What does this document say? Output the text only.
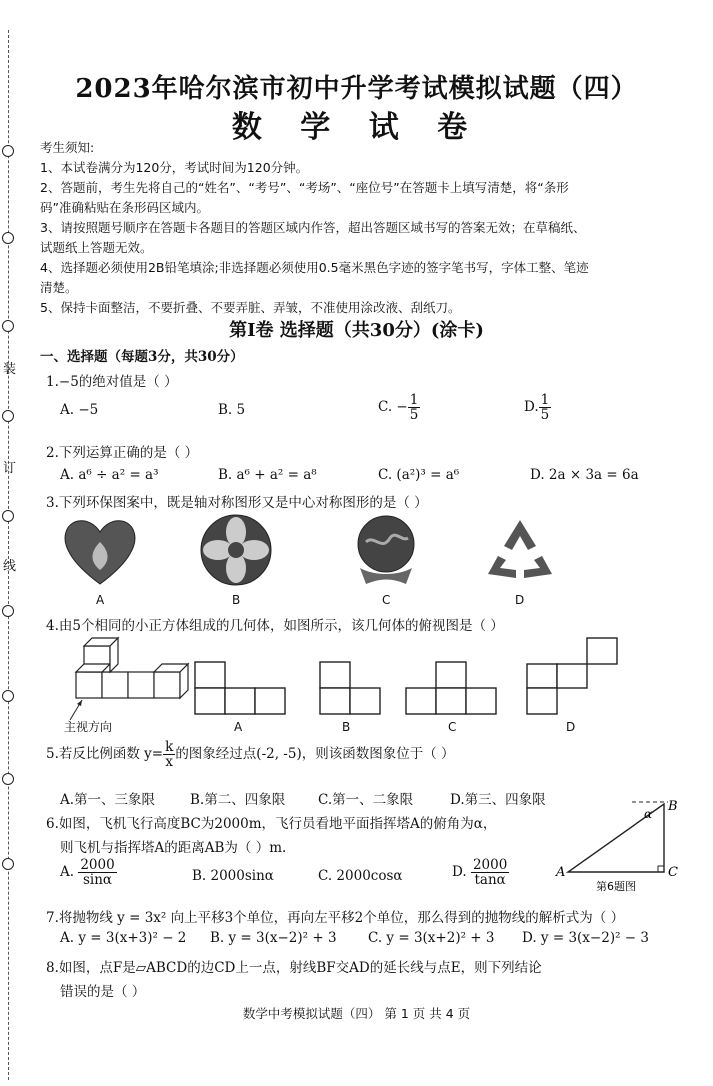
装
订
线
2023年哈尔滨市初中升学考试模拟试题（四）
数 学 试 卷
考生须知:
1、本试卷满分为120分，考试时间为120分钟。
2、答题前，考生先将自己的“姓名”、“考号”、“考场”、“座位号”在答题卡上填写清楚，将“条形
码”准确粘贴在条形码区域内。
3、请按照题号顺序在答题卡各题目的答题区域内作答，超出答题区域书写的答案无效；在草稿纸、
试题纸上答题无效。
4、选择题必须使用2B铅笔填涂;非选择题必须使用0.5毫米黑色字迹的签字笔书写，字体工整、笔迹
清楚。
5、保持卡面整洁，不要折叠、不要弄脏、弄皱，不准使用涂改液、刮纸刀。
第Ⅰ卷 选择题（共30分）(涂卡)
一、选择题（每题3分，共30分）
1.−5的绝对值是（ ）
A. −5	B. 5	C. − $\frac{1}{5}$	D. $\frac{1}{5}$
2.下列运算正确的是（ ）
A. a⁶ ÷ a² = a³	B. a⁶ + a² = a⁸	C. (a²)³ = a⁶	D. 2a × 3a = 6a
3.下列环保图案中，既是轴对称图形又是中心对称图形的是（ ）
A	B	C	D
4.由5个相同的小正方体组成的几何体，如图所示，该几何体的俯视图是（ ）
主视方向	A	B	C	D
5.若反比例函数 $y= \frac{k}{x}$ 的图象经过点(-2, -5)，则该函数图象位于（ ）
A.第一、三象限	B.第二、四象限 C.第一、二象限	D.第三、四象限
6.如图，飞机飞行高度BC为2000m，飞行员看地平面指挥塔A的俯角为α，
则飞机与指挥塔A的距离AB为（ ）m.
A. $\frac{2000}{\sin\alpha}$	B. 2000sinα	C. 2000cosα	D. $\frac{2000}{\tan\alpha}$	A
B
C
α
第6题图
7.将抛物线 y = 3x² 向上平移3个单位，再向左平移2个单位，那么得到的抛物线的解析式为（ ）
A. y = 3(x+3)² − 2 B. y = 3(x−2)² + 3 C. y = 3(x+2)² + 3 D. y = 3(x−2)² − 3
8.如图，点F是▱ABCD的边CD上一点，射线BF交AD的延长线与点E，则下列结论
错误的是（ ）
数学中考模拟试题（四） 第 1 页 共 4 页
